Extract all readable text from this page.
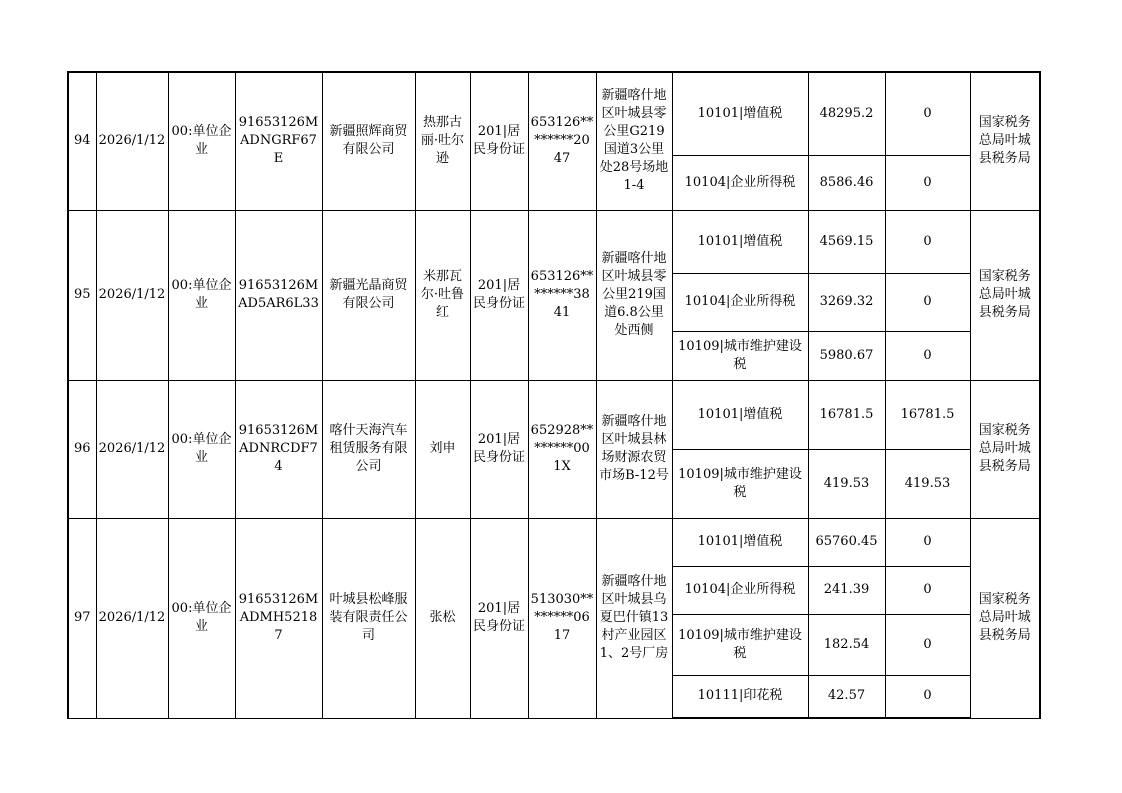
94	2026/1/12	00:单位企业	91653126MADNGRF67E	新疆照辉商贸有限公司	热那古丽·吐尔逊	201|居民身份证	653126********2047	新疆喀什地区叶城县零公里G219国道3公里处28号场地1-4	10101|增值税	48295.2	0	国家税务总局叶城县税务局
									10104|企业所得税	8586.46	0	
95	2026/1/12	00:单位企业	91653126MAD5AR6L33	新疆光晶商贸有限公司	米那瓦尔·吐鲁红	201|居民身份证	653126********3841	新疆喀什地区叶城县零公里219国道6.8公里处西侧	10101|增值税	4569.15	0	国家税务总局叶城县税务局
									10104|企业所得税	3269.32	0	
									10109|城市维护建设税	5980.67	0	
96	2026/1/12	00:单位企业	91653126MADNRCDF74	喀什天海汽车租赁服务有限公司	刘申	201|居民身份证	652928********001X	新疆喀什地区叶城县林场财源农贸市场B-12号	10101|增值税	16781.5	16781.5	国家税务总局叶城县税务局
									10109|城市维护建设税	419.53	419.53	
97	2026/1/12	00:单位企业	91653126MADMH52187	叶城县松峰服装有限责任公司	张松	201|居民身份证	513030********0617	新疆喀什地区叶城县乌夏巴什镇13村产业园区1、2号厂房	10101|增值税	65760.45	0	国家税务总局叶城县税务局
									10104|企业所得税	241.39	0	
									10109|城市维护建设税	182.54	0	
									10111|印花税	42.57	0	
